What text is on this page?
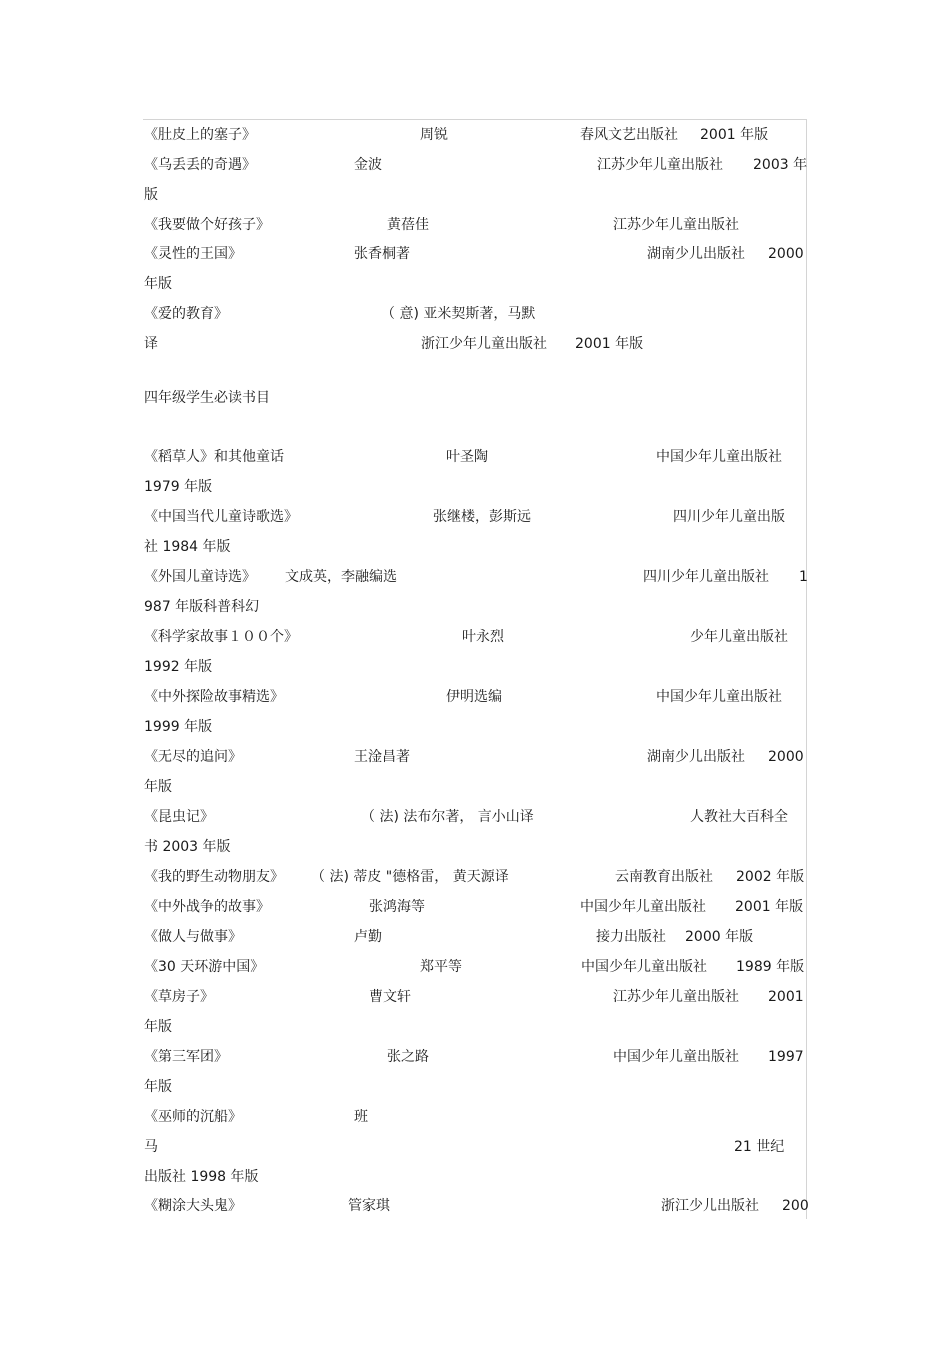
《肚皮上的塞子》	周锐	春风文艺出版社 2001 年版
《乌丢丢的奇遇》	金波	江苏少年儿童出版社 2003 年
版
《我要做个好孩子》	黄蓓佳	江苏少年儿童出版社
《灵性的王国》	张香桐著	湖南少儿出版社 2000
年版
《爱的教育》	（ 意) 亚米契斯著，马默
译	浙江少年儿童出版社 2001 年版
四年级学生必读书目
《稻草人》和其他童话	叶圣陶	中国少年儿童出版社
1979 年版
《中国当代儿童诗歌选》	张继楼，彭斯远	四川少年儿童出版
社 1984 年版
《外国儿童诗选》 文成英，李融编选	四川少年儿童出版社 1
987 年版科普科幻
《科学家故事１００个》	叶永烈	少年儿童出版社
1992 年版
《中外探险故事精选》	伊明选编	中国少年儿童出版社
1999 年版
《无尽的追问》	王淦昌著	湖南少儿出版社 2000
年版
《昆虫记》	（ 法) 法布尔著， 言小山译	人教社大百科全
书 2003 年版
《我的野生动物朋友》 （ 法) 蒂皮 "德格雷， 黄天源译	云南教育出版社 2002 年版
《中外战争的故事》	张鸿海等	中国少年儿童出版社 2001 年版
《做人与做事》	卢勤	接力出版社 2000 年版
《30 天环游中国》	郑平等	中国少年儿童出版社 1989 年版
《草房子》	曹文轩	江苏少年儿童出版社 2001
年版
《第三军团》	张之路	中国少年儿童出版社 1997
年版
《巫师的沉船》	班
马	21 世纪
出版社 1998 年版
《糊涂大头鬼》	管家琪	浙江少儿出版社 200
